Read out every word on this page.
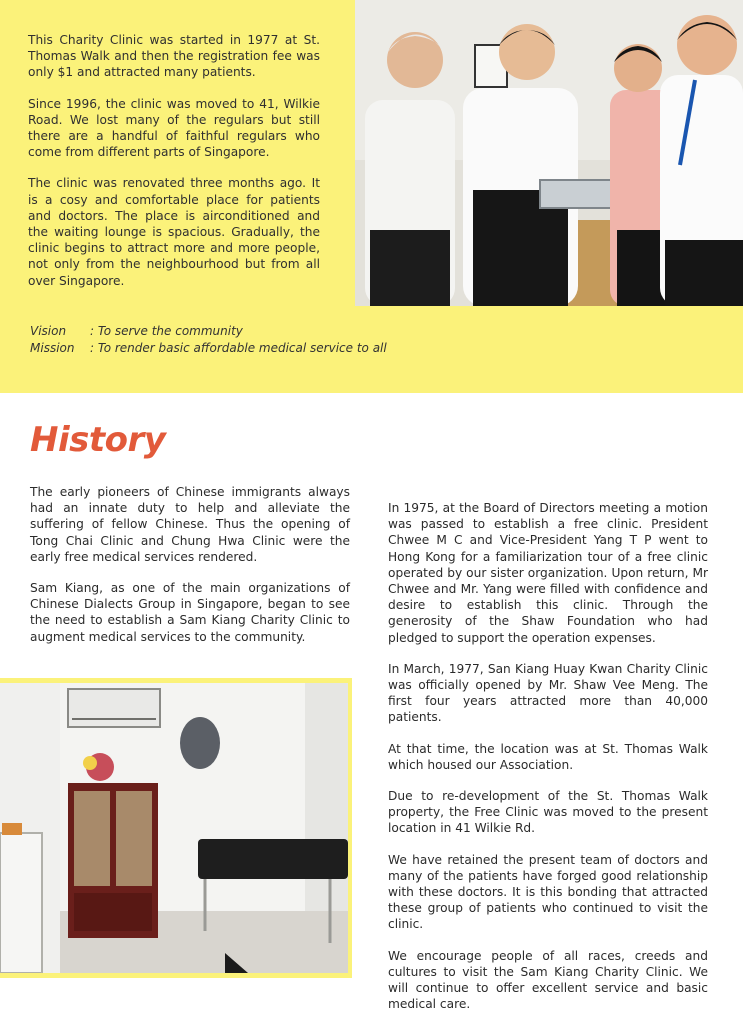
This Charity Clinic was started in 1977 at St. Thomas Walk and then the registration fee was only $1 and attracted many patients.

Since 1996, the clinic was moved to 41, Wilkie Road. We lost many of the regulars but still there are a handful of faithful regulars who come from different parts of Singapore.

The clinic was renovated three months ago. It is a cosy and comfortable place for patients and doctors. The place is airconditioned and the waiting lounge is spacious. Gradually, the clinic begins to attract more and more people, not only from the neighbourhood but from all over Singapore.

Vision	: To serve the community
Mission	: To render basic affordable medical service to all
History

The early pioneers of Chinese immigrants always had an innate duty to help and alleviate the suffering of fellow Chinese. Thus the opening of Tong Chai Clinic and Chung Hwa Clinic were the early free medical services rendered.

Sam Kiang, as one of the main organizations of Chinese Dialects Group in Singapore, began to see the need to establish a Sam Kiang Charity Clinic to augment medical services to the community.

In 1975, at the Board of Directors meeting a motion was passed to establish a free clinic. President Chwee M C and Vice-President Yang T P went to Hong Kong for a familiarization tour of a free clinic operated by our sister organization. Upon return, Mr Chwee and Mr. Yang were filled with confidence and desire to establish this clinic. Through the generosity of the Shaw Foundation who had pledged to support the operation expenses.

In March, 1977, San Kiang Huay Kwan Charity Clinic was officially opened by Mr. Shaw Vee Meng. The first four years attracted more than 40,000 patients.

At that time, the location was at St. Thomas Walk which housed our Association.

Due to re-development of the St. Thomas Walk property, the Free Clinic was moved to the present location in 41 Wilkie Rd.

We have retained the present team of doctors and many of the patients have forged good relationship with these doctors. It is this bonding that attracted these group of patients who continued to visit the clinic.

We encourage people of all races, creeds and cultures to visit the Sam Kiang Charity Clinic. We will continue to offer excellent service and basic medical care.
